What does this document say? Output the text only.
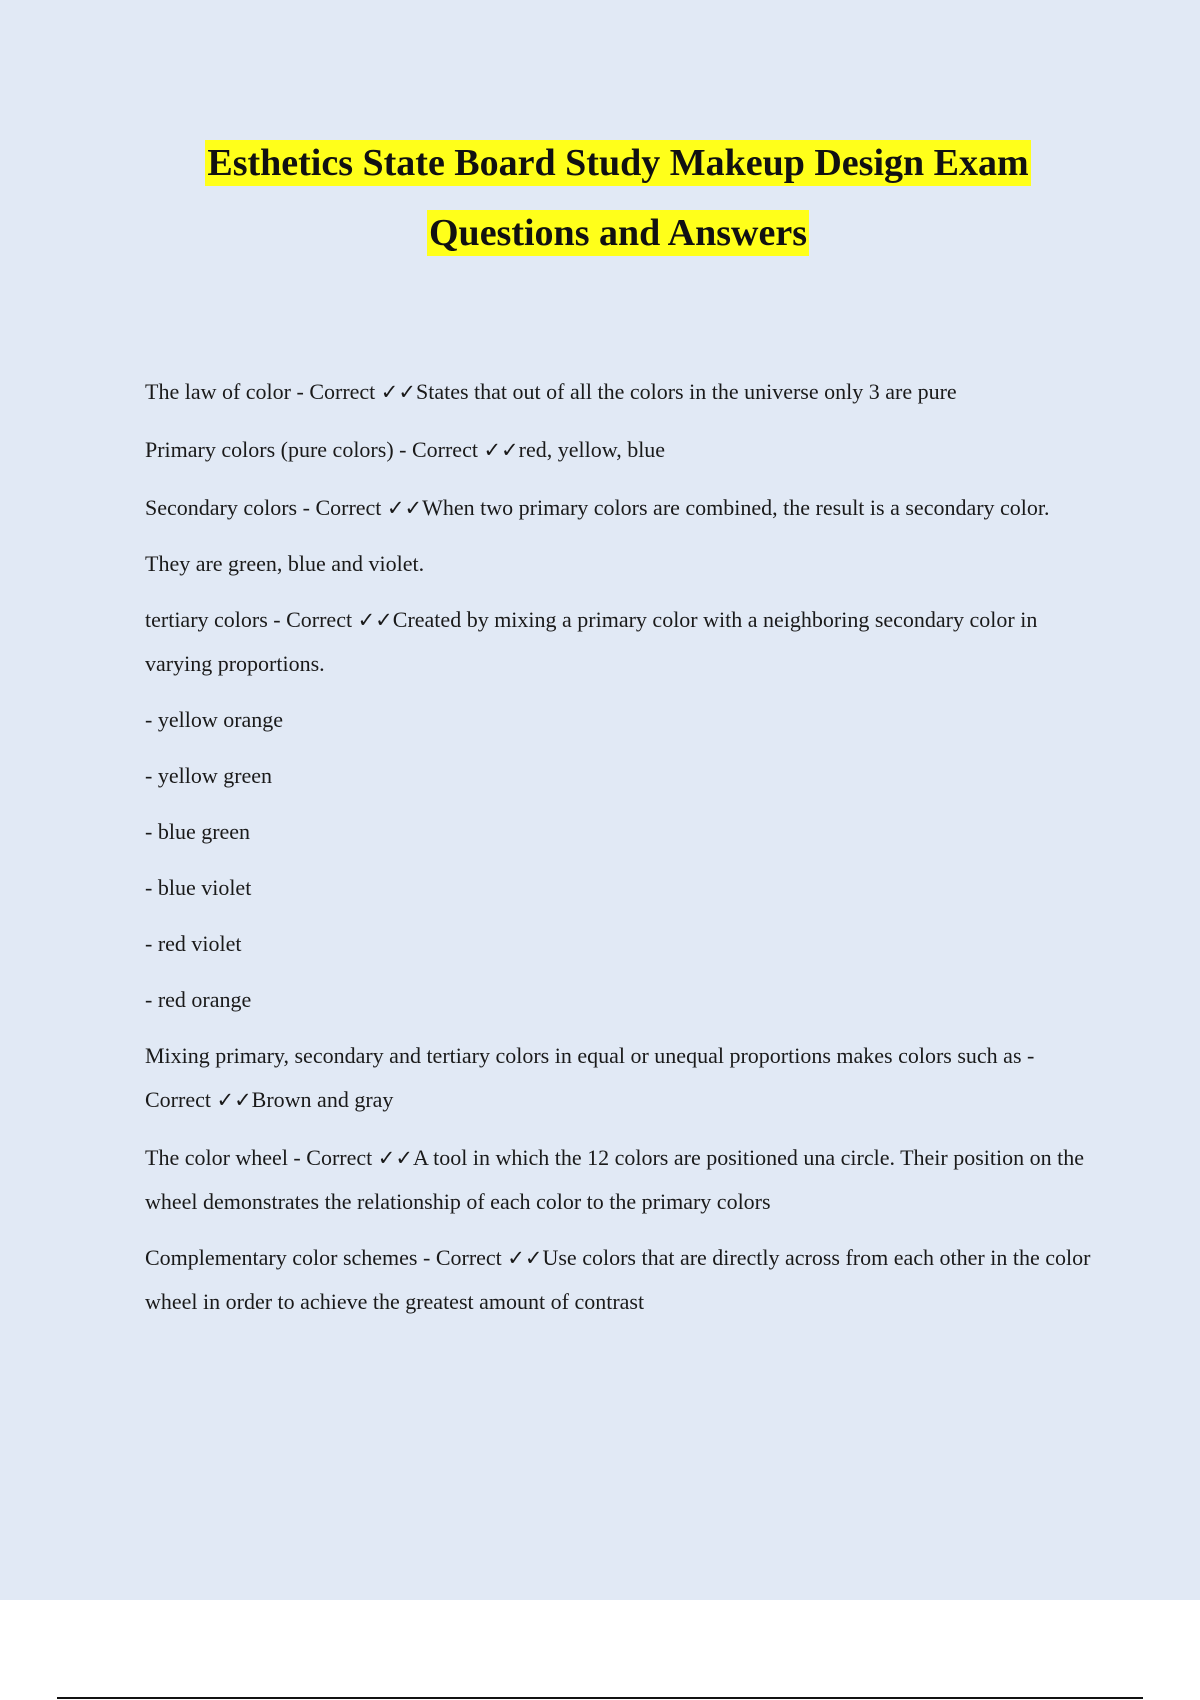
Esthetics State Board Study Makeup Design Exam
Questions and Answers

The law of color - Correct ✓✓States that out of all the colors in the universe only 3 are pure

Primary colors (pure colors) - Correct ✓✓red, yellow, blue

Secondary colors - Correct ✓✓When two primary colors are combined, the result is a secondary color.

They are green, blue and violet.

tertiary colors - Correct ✓✓Created by mixing a primary color with a neighboring secondary color in varying proportions.

- yellow orange

- yellow green

- blue green

- blue violet

- red violet

- red orange

Mixing primary, secondary and tertiary colors in equal or unequal proportions makes colors such as - Correct ✓✓Brown and gray

The color wheel - Correct ✓✓A tool in which the 12 colors are positioned una circle. Their position on the wheel demonstrates the relationship of each color to the primary colors

Complementary color schemes - Correct ✓✓Use colors that are directly across from each other in the color wheel in order to achieve the greatest amount of contrast
